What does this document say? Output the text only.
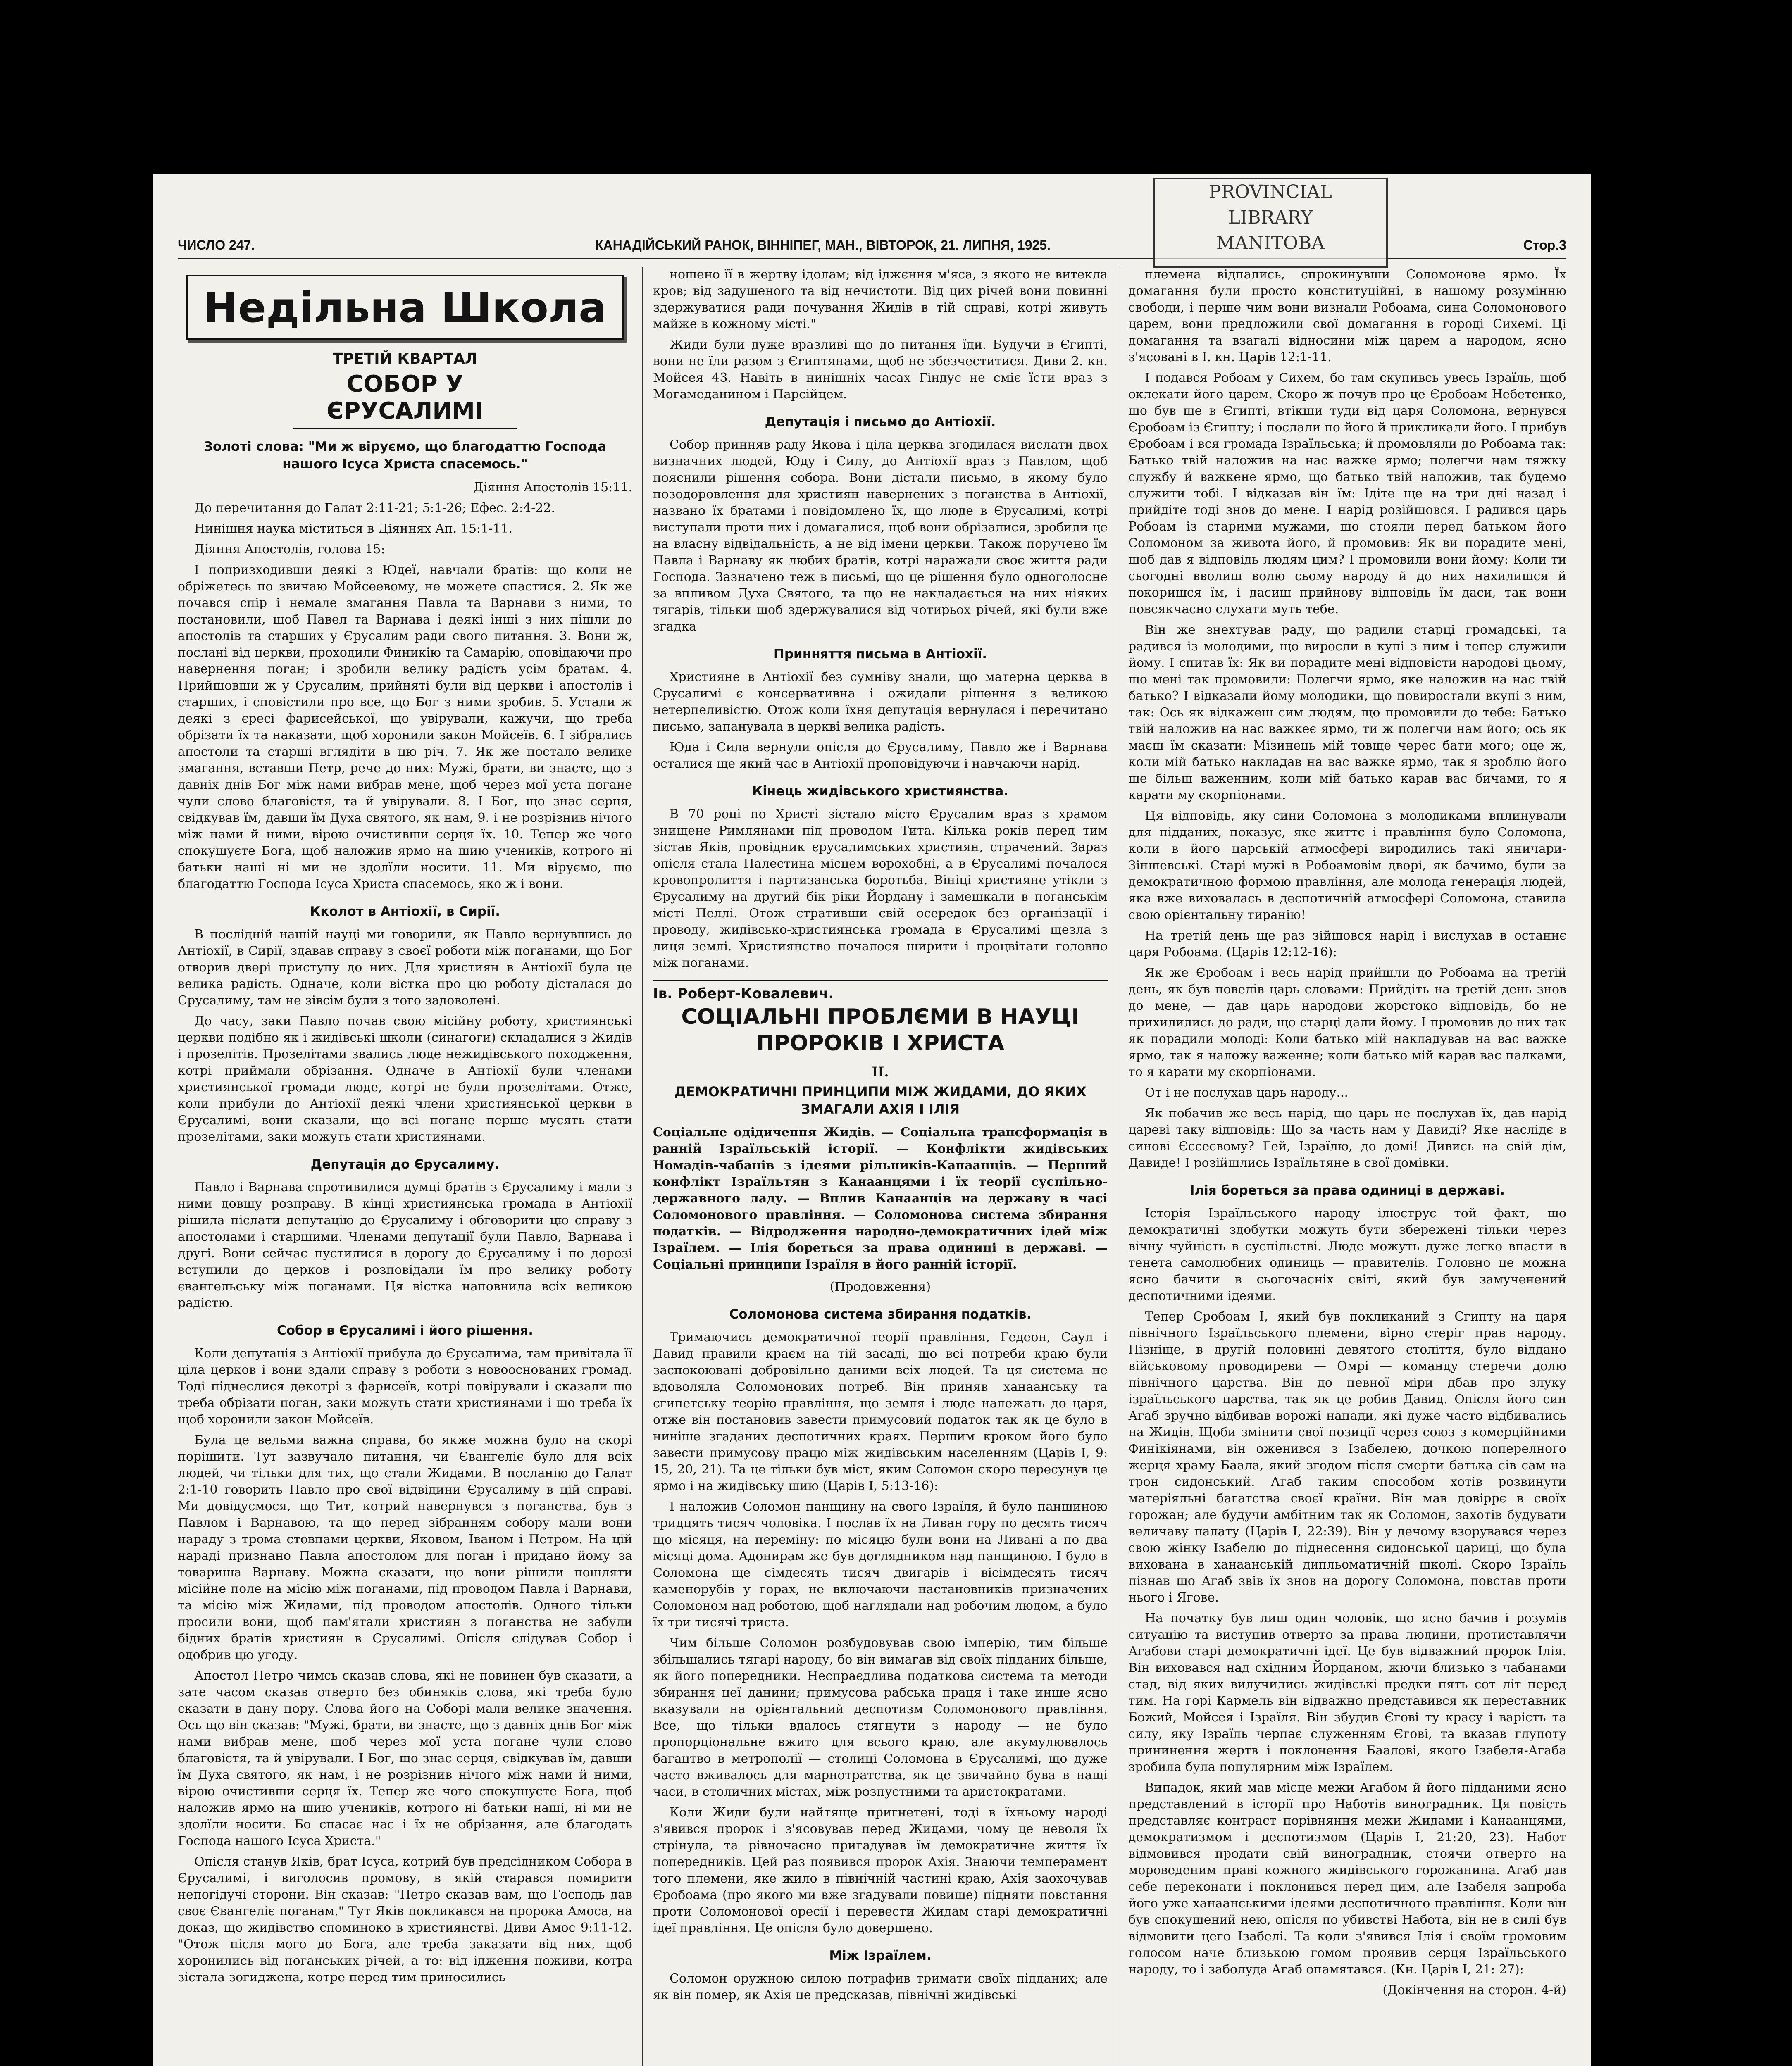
ЧИСЛО 247.	КАНАДІЙСЬКИЙ РАНОК, ВІННІПЕГ, МАН., ВІВТОРОК, 21. ЛИПНЯ, 1925.	Стор.3
PROVINCIAL
LIBRARY
MANITOBA
Недільна Школа
ТРЕТІЙ КВАРТАЛ
СОБОР У ЄРУСАЛИМІ
Золоті слова: "Ми ж віруємо, що благодаттю Господа нашого Ісуса Христа спасемось."

Діяння Апостолів 15:11.

До перечитання до Галат 2:11-21; 5:1-26; Ефес. 2:4-22.

Нинішня наука міститься в Діяннях Ап. 15:1-11.

Діяння Апостолів, голова 15:

І попризходивши деякі з Юдеї, навчали братів: що коли не обріжетесь по звичаю Мойсеевому, не можете спастися. 2. Як же почався спір і немале змагання Павла та Варнави з ними, то постановили, щоб Павел та Варнава і деякі інші з них пішли до апостолів та старших у Єрусалим ради свого питання. 3. Вони ж, послані від церкви, проходили Финикію та Самарію, оповідаючи про навернення поган; і зробили велику радість усім братам. 4. Прийшовши ж у Єрусалим, прийняті були від церкви і апостолів і старших, і сповістили про все, що Бог з ними зробив. 5. Устали ж деякі з єресі фарисейської, що увірували, кажучи, що треба обрізати їх та наказати, щоб хоронили закон Мойсеїв. 6. І зібрались апостоли та старші вглядіти в цю річ. 7. Як же постало велике змагання, вставши Петр, рече до них: Мужі, брати, ви знаєте, що з давніх днів Бог між нами вибрав мене, щоб через мої уста погане чули слово благовістя, та й увірували. 8. І Бог, що знає серця, свідкував їм, давши їм Духа святого, як нам, 9. і не розрізнив нічого між нами й ними, вірою очистивши серця їх. 10. Тепер же чого спокушуєте Бога, щоб наложив ярмо на шию учеників, котрого ні батьки наші ні ми не здолїли носити. 11. Ми віруємо, що благодаттю Господа Ісуса Христа спасемось, яко ж і вони.

Кколот в Антіохії, в Сирії.

В послідній нашій науці ми говорили, як Павло вернувшись до Антіохії, в Сирії, здавав справу з своєї роботи між поганами, що Бог отворив двері приступу до них. Для християн в Антіохії була це велика радість. Одначе, коли вістка про цю роботу дісталася до Єрусалиму, там не зівсім були з того задоволені.

До часу, заки Павло почав свою місійну роботу, християнські церкви подібно як і жидівські школи (синагоги) складалися з Жидів і прозелітів. Прозелітами звались люде нежидівського походження, котрі приймали обрізання. Одначе в Антіохії були членами християнської громади люде, котрі не були прозелітами. Отже, коли прибули до Антіохії деякі члени християнської церкви в Єрусалимі, вони сказали, що всі погане перше мусять стати прозелітами, заки можуть стати християнами.

Депутація до Єрусалиму.

Павло і Варнава спротивилися думці братів з Єрусалиму і мали з ними довшу розправу. В кінці християнська громада в Антіохії рішила післати депутацію до Єрусалиму і обговорити цю справу з апостолами і старшими. Членами депутації були Павло, Варнава і другі. Вони сейчас пустилися в дорогу до Єрусалиму і по дорозі вступили до церков і розповідали їм про велику роботу євангельську між поганами. Ця вістка наповнила всіх великою радістю.

Собор в Єрусалимі і його рішення.

Коли депутація з Антіохії прибула до Єрусалима, там привітала її ціла церков і вони здали справу з роботи з новооснованих громад. Тоді піднеслися декотрі з фарисеїв, котрі повірували і сказали що треба обрізати поган, заки можуть стати християнами і що треба їх щоб хоронили закон Мойсеїв.

Була це вельми важна справа, бо якже можна було на скорі порішити. Тут зазвучало питання, чи Євангеліє було для всіх людей, чи тільки для тих, що стали Жидами. В посланію до Галат 2:1-10 говорить Павло про свої відвідини Єрусалиму в цій справі. Ми довідуємося, що Тит, котрий навернувся з поганства, був з Павлом і Варнавою, та що перед зібранням собору мали вони нараду з трома стовпами церкви, Яковом, Іваном і Петром. На цій нараді признано Павла апостолом для поган і придано йому за товариша Варнаву. Можна сказати, що вони рішили пошляти місійне поле на місію між поганами, під проводом Павла і Варнави, та місію між Жидами, під проводом апостолів. Одного тільки просили вони, щоб пам'ятали християн з поганства не забули бідних братів християн в Єрусалимі. Опісля слідував Собор і одобрив цю угоду.

Апостол Петро чимсь сказав слова, які не повинен був сказати, а зате часом сказав отверто без обиняків слова, які треба було сказати в дану пору. Слова його на Соборі мали велике значення. Ось що він сказав: "Мужі, брати, ви знаєте, що з давніх днів Бог між нами вибрав мене, щоб через мої уста погане чули слово благовістя, та й увірували. І Бог, що знає серця, свідкував їм, давши їм Духа святого, як нам, і не розрізнив нічого між нами й ними, вірою очистивши серця їх. Тепер же чого спокушуєте Бога, щоб наложив ярмо на шию учеників, котрого ні батьки наші, ні ми не здолїли носити. Бо спасає нас і їх не обрізання, але благодать Господа нашого Ісуса Христа."

Опісля станув Яків, брат Ісуса, котрий був предсідником Собора в Єрусалимі, і виголосив промову, в якій старався помирити непогідучі сторони. Він сказав: "Петро сказав вам, що Господь дав своє Євангеліє поганам." Тут Яків покликався на пророка Амоса, на доказ, що жидівство споминоко в християнстві. Диви Амос 9:11-12. "Отож після мого до Бога, але треба заказати від них, щоб хоронились від поганських річей, а то: від ідження поживи, котра зістала зогиджена, котре перед тим приносились

ношено її в жертву ідолам; від іджєння м'яса, з якого не витекла кров; від задушеного та від нечистоти. Від цих річей вони повинні здержуватися ради почування Жидів в тій справі, котрі живуть майже в кожному місті."

Жиди були дуже вразливі що до питання їди. Будучи в Єгипті, вони не їли разом з Єгиптянами, щоб не збезчеститися. Диви 2. кн. Мойсея 43. Навіть в нинішніх часах Гіндус не сміє їсти враз з Могамеданином і Парсійцем.

Депутація і письмо до Антіохії.

Собор принняв раду Якова і ціла церква згодилася вислати двох визначних людей, Юду і Силу, до Антіохії враз з Павлом, щоб пояснили рішення собора. Вони дістали письмо, в якому було позодоровлення для християн навернених з поганства в Антіохії, названо їх братами і повідомлено їх, що люде в Єрусалимі, котрі виступали проти них і домагалися, щоб вони обрізалися, зробили це на власну відвідальність, а не від імени церкви. Також поручено їм Павла і Варнаву як любих братів, котрі наражали своє життя ради Господа. Зазначено теж в письмі, що це рішення було одноголосне за впливом Духа Святого, та що не накладається на них ніяких тягарів, тільки щоб здержувалися від чотирьох річей, які були вже згадка

Принняття письма в Антіохії.

Християне в Антіохії без сумніву знали, що матерна церква в Єрусалимі є консервативна і ожидали рішення з великою нетерпеливістю. Отож коли їхня депутація вернулася і перечитано письмо, запанувала в церкві велика радість.

Юда і Сила вернули опісля до Єрусалиму, Павло же і Варнава осталися ще який час в Антіохії проповідуючи і навчаючи нарід.

Кінець жидівського християнства.

В 70 році по Христі зістало місто Єрусалим враз з храмом знищене Римлянами під проводом Тита. Кілька років перед тим зістав Яків, провідник єрусалимських християн, страчений. Зараз опісля стала Палестина місцем ворохобні, а в Єрусалимі почалося кровопролиття і партизанська боротьба. Вініці християне утікли з Єрусалиму на другий бік ріки Йордану і замешкали в поганськім місті Пеллі. Отож стративши свій осередок без організації і проводу, жидівсько-християнська громада в Єрусалимі щезла з лиця землі. Християнство почалося ширити і процвітати головно між поганами.

Ів. Роберт-Ковалевич.
СОЦІАЛЬНІ ПРОБЛЄМИ В НАУЦІ ПРОРОКІВ І ХРИСТА
II.
ДЕМОКРАТИЧНІ ПРИНЦИПИ МІЖ ЖИДАМИ, ДО ЯКИХ ЗМАГАЛИ АХІЯ І ІЛІЯ
Соціальне одідичення Жидів. — Соціальна трансформація в ранній Ізраїльській історії. — Конфлікти жидівських Номадів-чабанів з ідеями рільників-Канаанців. — Перший конфлікт Ізраїльтян з Канаанцями і їх теорії суспільно-державного ладу. — Вплив Канаанців на державу в часі Соломонового правління. — Соломонова система збирання податків. — Відродження народно-демократичних ідей між Ізраїлем. — Ілія бореться за права одиниці в державі. — Соціальні принципи Ізраїля в його ранній історії.

(Продовження)

Соломонова система збирання податків.

Тримаючись демократичної теорії правління, Гедеон, Саул і Давид правили краєм на тій засаді, що всі потреби краю були заспокоювані добровільно даними всіх людей. Та ця система не вдоволяла Соломонових потреб. Він приняв ханаанську та єгипетську теорію правління, що земля і люде належать до царя, отже він постановив завести примусовий податок так як це було в ниніше згаданих деспотичних краях. Першим кроком його було завести примусову працю між жидівським населенням (Царів І, 9: 15, 20, 21). Та це тільки був міст, яким Соломон скоро пересунув це ярмо і на жидівську шию (Царів І, 5:13-16):

І наложив Соломон панщину на свого Ізраїля, й було панщиною тридцять тисяч чоловіка. І послав їх на Ливан гору по десять тисяч що місяця, на переміну: по місяцю були вони на Ливані а по два місяці дома. Адонирам же був доглядником над панщиною. І було в Соломона ще сімдесять тисяч двигарів і вісімдесять тисяч каменорубів у горах, не включаючи настановників призначених Соломоном над роботою, щоб наглядали над робочим людом, а було їх три тисячі триста.

Чим більше Соломон розбудовував свою імперію, тим більше збільшались тягарі народу, бо він вимагав від своїх підданих більше, як його попередники. Неспраєдлива податкова система та методи збирання цеї данини; примусова рабська праця і таке инше ясно вказували на орієнтальний деспотизм Соломонового правління. Все, що тільки вдалось стягнути з народу — не було пропорціональне вжито для всього краю, але акумулювалось багацтво в метрополії — столиці Соломона в Єрусалимі, що дуже часто вживалось для марнотратства, як це звичайно бува в нащі часи, в столичних містах, між розпустними та аристократами.

Коли Жиди були найтяще пригнетені, тоді в їхньому народі з'явився пророк і з'ясовував перед Жидами, чому це неволя їх стрінула, та рівночасно пригадував їм демократичне життя їх попередників. Цей раз появився пророк Ахія. Знаючи темперамент того племени, яке жило в північній частині краю, Ахія заохочував Єробоама (про якого ми вже згадували повище) підняти повстання проти Соломонової оресії і перевести Жидам старі демократичні ідеї правління. Це опісля було довершено.

Між Ізраїлем.

Соломон оружною силою потрафив тримати своїх підданих; але як він помер, як Ахія це предсказав, північні жидівські

племена відпались, спрокинувши Соломонове ярмо. Їх домагання були просто конституційні, в нашому розумінню свободи, і перше чим вони визнали Робоама, сина Соломонового царем, вони предложили свої домагання в городі Сихемі. Ці домагання та взагалі відносини між царем а народом, ясно з'ясовані в І. кн. Царів 12:1-11.

І подався Робоам у Сихем, бо там скупивсь увесь Ізраїль, щоб оклекати його царем. Скоро ж почув про це Єробоам Небетенко, що був ще в Єгипті, втікши туди від царя Соломона, вернувся Єробоам із Єгипту; і послали по його й прикликали його. І прибув Єробоам і вся громада Ізраїльська; й промовляли до Робоама так: Батько твій наложив на нас важке ярмо; полегчи нам тяжку службу й важкене ярмо, що батько твій наложив, так будемо служити тобі. І відказав він їм: Ідіте ще на три дні назад і прийдіте тоді знов до мене. І нарід розійшовся. І радився царь Робоам із старими мужами, що стояли перед батьком його Соломоном за живота його, й промовив: Як ви порадите мені, щоб дав я відповідь людям цим? І промовили вони йому: Коли ти сьогодні вволиш волю сьому народу й до них нахилишся й покоришся їм, і дасиш прийнову відповідь їм даси, так вони повсякчасно слухати муть тебе.

Він же знехтував раду, що радили старці громадські, та радився із молодими, що виросли в купі з ним і тепер служили йому. І спитав їх: Як ви порадите мені відповісти народові цьому, що мені так промовили: Полегчи ярмо, яке наложив на нас твій батько? І відказали йому молодики, що повиростали вкупі з ним, так: Ось як відкажеш сим людям, що промовили до тебе: Батько твій наложив на нас важкеє ярмо, ти ж полегчи нам його; ось як маєш їм сказати: Мізинець мій товще черес бати мого; оце ж, коли мій батько накладав на вас важке ярмо, так я зроблю його ще більш важенним, коли мій батько карав вас бичами, то я карати му скорпіонами.

Ця відповідь, яку сини Соломона з молодиками вплинували для підданих, показує, яке життє і правління було Соломона, коли в його царській атмосфері виродились такі яничари-Зіншевські. Старі мужі в Робоамовім дворі, як бачимо, були за демократичною формою правління, але молода генерація людей, яка вже виховалась в деспотичній атмосфері Соломона, ставила свою орієнтальну тиранію!

На третій день ще раз зійшовся нарід і вислухав в останнє царя Робоама. (Царів 12:12-16):

Як же Єробоам і весь нарід прийшли до Робоама на третій день, як був повелів царь словами: Прийдіть на третій день знов до мене, — дав царь народови жорстоко відповідь, бо не прихилились до ради, що старці дали йому. І промовив до них так як порадили молоді: Коли батько мій накладував на вас важке ярмо, так я наложу важенне; коли батько мій карав вас палками, то я карати му скорпіонами.

От і не послухав царь народу...

Як побачив же весь нарід, що царь не послухав їх, дав нарід цареві таку відповідь: Що за часть нам у Давиді? Яке наслідє в синові Єссеєвому? Гей, Ізраїлю, до домі! Дивись на свій дім, Давиде! І розійшлись Ізраїльтяне в свої домівки.

Ілія бореться за права одиниці в державі.

Історія Ізраїльського народу ілюструє той факт, що демократичні здобутки можуть бути збережені тільки через вічну чуйність в суспільстві. Люде можуть дуже легко впасти в тенета самолюбних одиниць — правителів. Головно це можна ясно бачити в сьогочасніх світі, який був замученений деспотичними ідеями.

Тепер Єробоам I, який був покликаний з Єгипту на царя північного Ізраїльського племени, вірно стеріг прав народу. Пізніще, в другій половині девятого століття, було віддано військовому проводиреви — Омрі — команду стеречи долю північного царства. Він до певної міри дбав про злуку ізраїльського царства, так як це робив Давид. Опісля його син Агаб зручно відбивав ворожі напади, які дуже часто відбивались на Жидів. Щоби змінити свої позиції через союз з комерційними Финікіянами, він оженився з Ізабелею, дочкою поперелного жерця храму Баала, який згодом після смерти батька сів сам на трон сидонський. Агаб таким способом хотів розвинути матеріяльні багатства своєї країни. Він мав довіррє в своїх горожан; але будучи амбітним так як Соломон, захотів будувати величаву палату (Царів І, 22:39). Він у дечому взорувався через свою жінку Ізабелю до піднесення сидонської цариці, що була вихована в ханаанській дипльоматичній школі. Скоро Ізраїль пізнав що Агаб звів їх знов на дорогу Соломона, повстав проти нього і Ягове.

На початку був лиш один чоловік, що ясно бачив і розумів ситуацію та виступив отверто за права людини, протиставлячи Агабови старі демократичні ідеї. Це був відважний пророк Ілія. Він виховався над східним Йорданом, жючи близько з чабанами стад, від яких вилучились жидівські предки пять сот літ перед тим. На горі Кармель він відважно представився як переставник Божий, Мойсея і Ізраїля. Він збудив Єгові ту красу і варість та силу, яку Ізраїль черпає служенням Єгові, та вказав глупоту прининення жертв і поклонення Баалові, якого Ізабеля-Агаба зробила була популярним між Ізраїлем.

Випадок, який мав місце межи Агабом й його підданими ясно представлений в історії про Наботів виноградник. Ця повість представляє контраст порівняння межи Жидами і Канаанцями, демократизмом і деспотизмом (Царів І, 21:20, 23). Набот відмовився продати свій виноградник, стоячи отверто на мороведеним праві кожного жидівського горожанина. Агаб дав себе переконати і поклонився перед цим, але Ізабеля запроба його уже ханаанськими ідеями деспотичного правління. Коли він був спокушений нею, опісля по убивстві Набота, він не в силі був відмовити цего Ізабелі. Та коли з'явився Ілія і своїм громовим голосом наче близькою гомом проявив серця Ізраїльського народу, то і заболуда Агаб опамятався. (Кн. Царів І, 21: 27):

(Докінчення на сторон. 4-й)
